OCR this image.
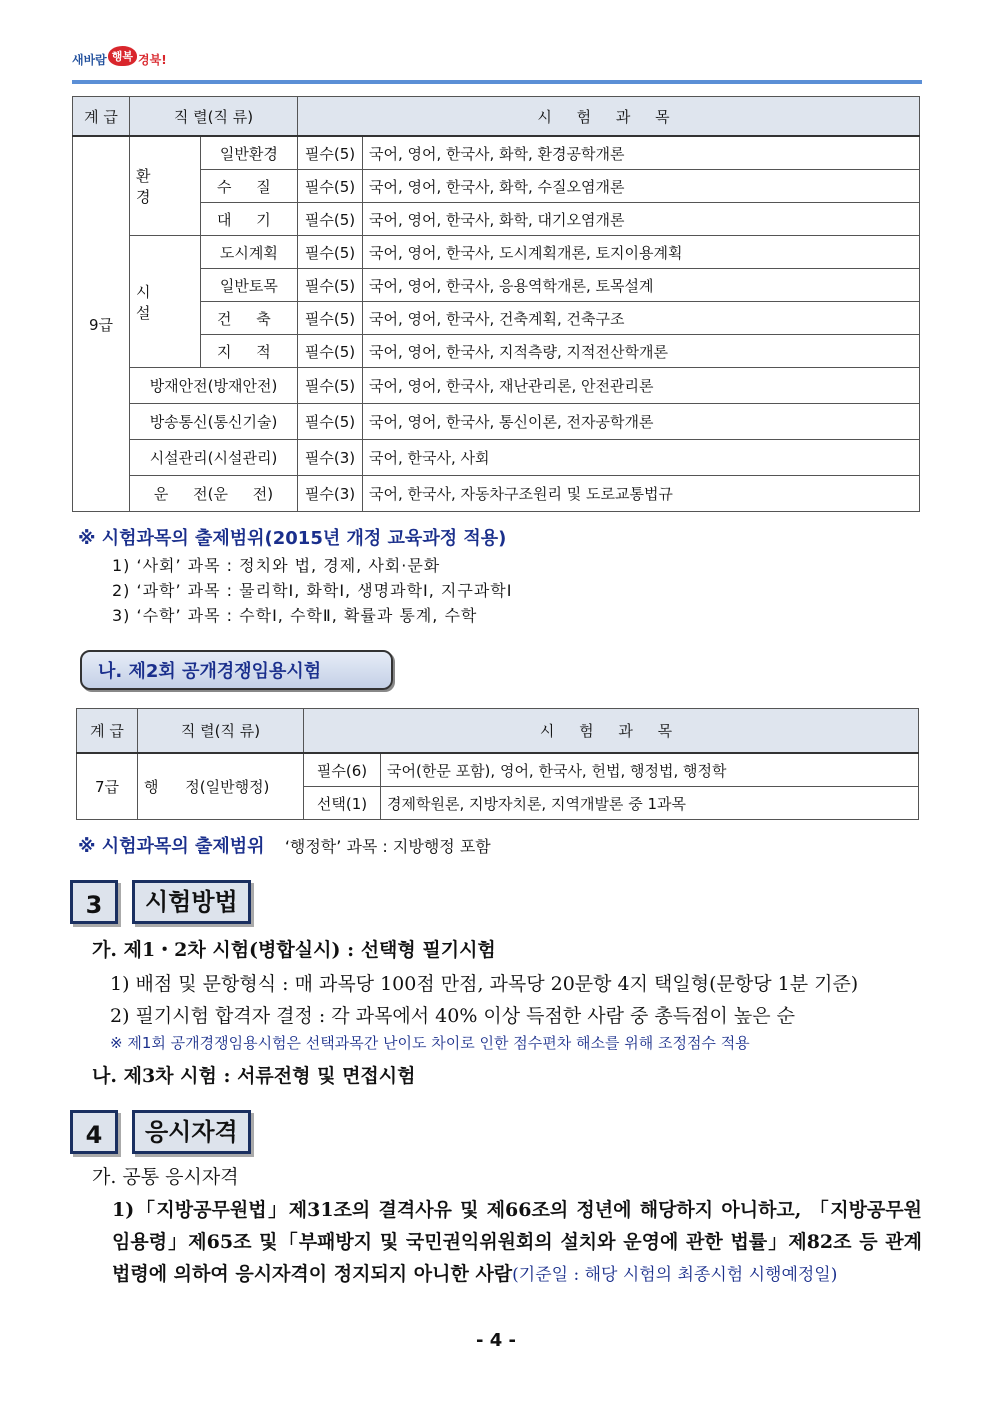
새바람 행복 경북!
계 급	직 렬(직 류)		시 험 과 목	
9급	환 경	일반환경	필수(5)	국어, 영어, 한국사, 화학, 환경공학개론
		수 질	필수(5)	국어, 영어, 한국사, 화학, 수질오염개론
		대 기	필수(5)	국어, 영어, 한국사, 화학, 대기오염개론
	시 설	도시계획	필수(5)	국어, 영어, 한국사, 도시계획개론, 토지이용계획
		일반토목	필수(5)	국어, 영어, 한국사, 응용역학개론, 토목설계
		건 축	필수(5)	국어, 영어, 한국사, 건축계획, 건축구조
		지 적	필수(5)	국어, 영어, 한국사, 지적측량, 지적전산학개론
	방재안전(방재안전)		필수(5)	국어, 영어, 한국사, 재난관리론, 안전관리론
	방송통신(통신기술)		필수(5)	국어, 영어, 한국사, 통신이론, 전자공학개론
	시설관리(시설관리)		필수(3)	국어, 한국사, 사회
	운 전(운 전)		필수(3)	국어, 한국사, 자동차구조원리 및 도로교통법규
※ 시험과목의 출제범위(2015년 개정 교육과정 적용)
1) ‘사회’ 과목 : 정치와 법, 경제, 사회·문화
2) ‘과학’ 과목 : 물리학Ⅰ, 화학Ⅰ, 생명과학Ⅰ, 지구과학Ⅰ
3) ‘수학’ 과목 : 수학Ⅰ, 수학Ⅱ, 확률과 통계, 수학
나. 제2회 공개경쟁임용시험
계 급	직 렬(직 류)	시 험 과 목	
7급	행 정(일반행정)	필수(6)	국어(한문 포함), 영어, 한국사, 헌법, 행정법, 행정학
		선택(1)	경제학원론, 지방자치론, 지역개발론 중 1과목
※ 시험과목의 출제범위 ‘행정학’ 과목 : 지방행정 포함
3	시험방법
가. 제1・2차 시험(병합실시) : 선택형 필기시험
1) 배점 및 문항형식 : 매 과목당 100점 만점, 과목당 20문항 4지 택일형(문항당 1분 기준)
2) 필기시험 합격자 결정 : 각 과목에서 40% 이상 득점한 사람 중 총득점이 높은 순
※ 제1회 공개경쟁임용시험은 선택과목간 난이도 차이로 인한 점수편차 해소를 위해 조정점수 적용
나. 제3차 시험 : 서류전형 및 면접시험
4	응시자격
가. 공통 응시자격
1)「지방공무원법」제31조의 결격사유 및 제66조의 정년에 해당하지 아니하고, 「지방공무원 임용령」제65조 및「부패방지 및 국민권익위원회의 설치와 운영에 관한 법률」제82조 등 관계법령에 의하여 응시자격이 정지되지 아니한 사람(기준일 : 해당 시험의 최종시험 시행예정일)
- 4 -
